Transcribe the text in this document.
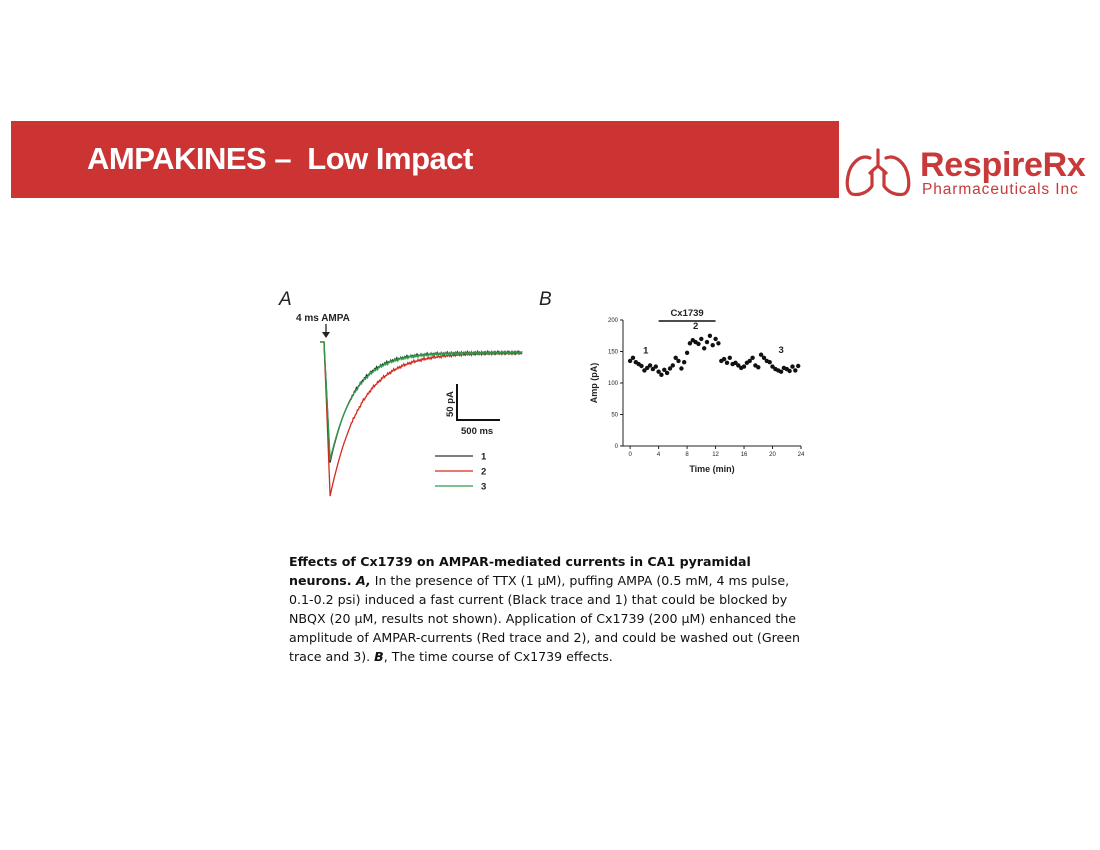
AMPAKINES –  Low Impact	RespireRx
Pharmaceuticals Inc
A
4 ms AMPA
50 pA
500 ms
1
2
3
B
0
50
100
150
200
0	4	8	12	16	20	24
Time (min)
Amp (pA)
Cx1739
1
2
3
Effects of Cx1739 on AMPAR-mediated currents in CA1 pyramidal neurons. A, In the presence of TTX (1 μM), puffing AMPA (0.5 mM, 4 ms pulse, 0.1-0.2 psi) induced a fast current (Black trace and 1) that could be blocked by NBQX (20 μM, results not shown). Application of Cx1739 (200 μM) enhanced the amplitude of AMPAR-currents (Red trace and 2), and could be washed out (Green trace and 3). B, The time course of Cx1739 effects.
